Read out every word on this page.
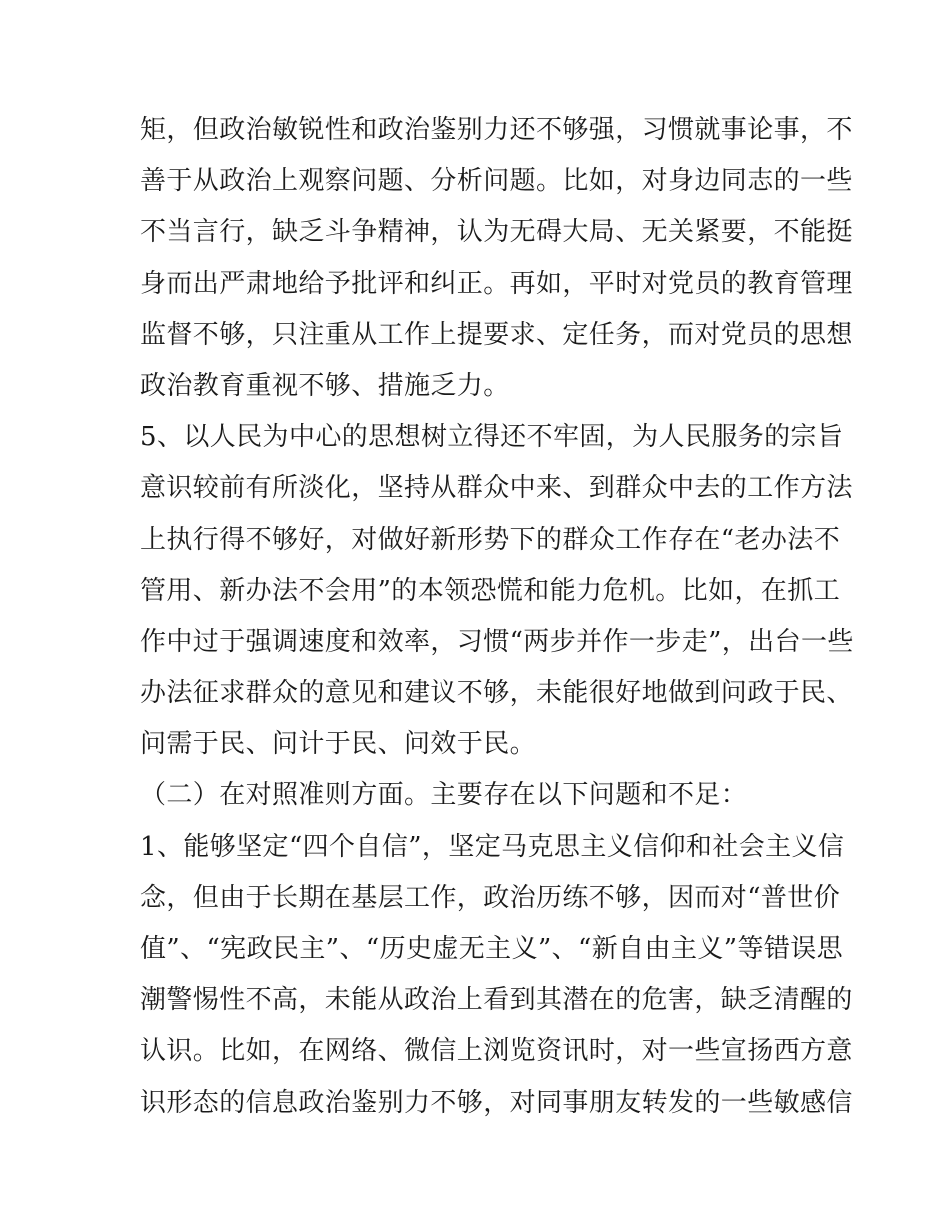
矩，但政治敏锐性和政治鉴别力还不够强，习惯就事论事，不
善于从政治上观察问题、分析问题。比如，对身边同志的一些
不当言行，缺乏斗争精神，认为无碍大局、无关紧要，不能挺
身而出严肃地给予批评和纠正。再如，平时对党员的教育管理
监督不够，只注重从工作上提要求、定任务，而对党员的思想
政治教育重视不够、措施乏力。
5、以人民为中心的思想树立得还不牢固，为人民服务的宗旨
意识较前有所淡化，坚持从群众中来、到群众中去的工作方法
上执行得不够好，对做好新形势下的群众工作存在“老办法不
管用、新办法不会用”的本领恐慌和能力危机。比如，在抓工
作中过于强调速度和效率，习惯“两步并作一步走”，出台一些
办法征求群众的意见和建议不够，未能很好地做到问政于民、
问需于民、问计于民、问效于民。
（二）在对照准则方面。主要存在以下问题和不足：
1、能够坚定“四个自信”，坚定马克思主义信仰和社会主义信
念，但由于长期在基层工作，政治历练不够，因而对“普世价
值”、“宪政民主”、“历史虚无主义”、“新自由主义”等错误思
潮警惕性不高，未能从政治上看到其潜在的危害，缺乏清醒的
认识。比如，在网络、微信上浏览资讯时，对一些宣扬西方意
识形态的信息政治鉴别力不够，对同事朋友转发的一些敏感信
